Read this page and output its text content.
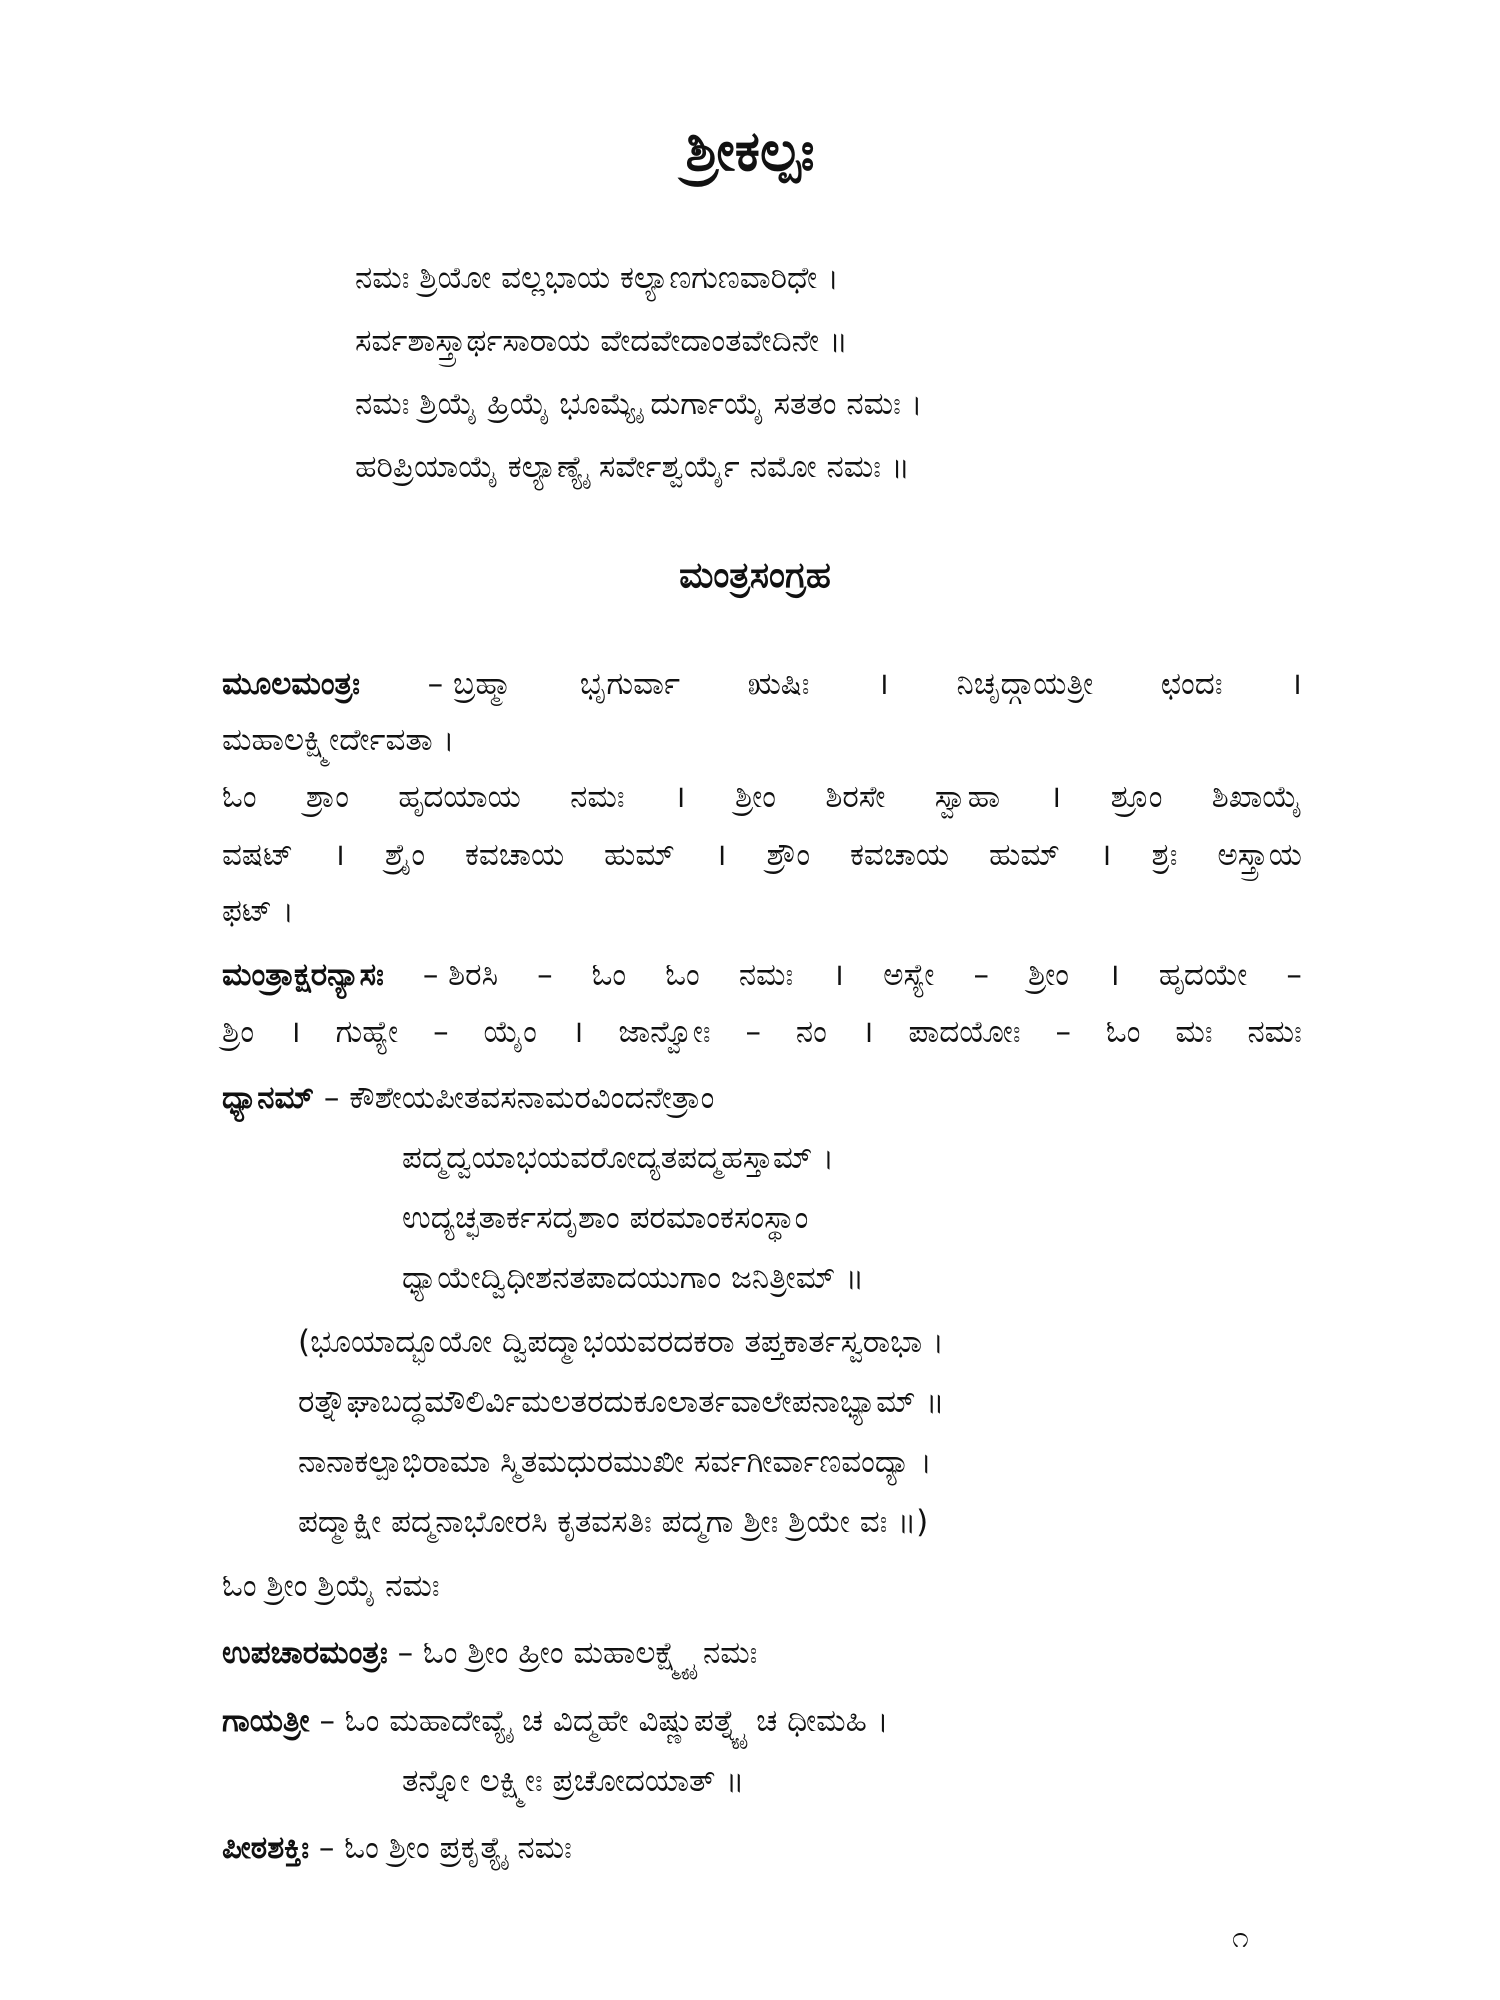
ಶ್ರೀಕಲ್ಪಃ
ನಮಃ ಶ್ರಿಯೋ ವಲ್ಲಭಾಯ ಕಲ್ಯಾಣಗುಣವಾರಿಧೇ ।
ಸರ್ವಶಾಸ್ತ್ರಾರ್ಥಸಾರಾಯ ವೇದವೇದಾಂತವೇದಿನೇ ॥
ನಮಃ ಶ್ರಿಯೈ ಹ್ರಿಯೈ ಭೂಮ್ಯೈ ದುರ್ಗಾಯೈ ಸತತಂ ನಮಃ ।
ಹರಿಪ್ರಿಯಾಯೈ ಕಲ್ಯಾಣ್ಯೈ ಸರ್ವೇಶ್ವರ್ಯೈ ನಮೋ ನಮಃ ॥
ಮಂತ್ರಸಂಗ್ರಹ
ಮೂಲಮಂತ್ರಃ – ಬ್ರಹ್ಮಾ ಭೃಗುರ್ವಾ ಋಷಿಃ । ನಿಚೃದ್ಗಾಯತ್ರೀ ಛಂದಃ ।
ಮಹಾಲಕ್ಷ್ಮೀರ್ದೇವತಾ ।
ಓಂ ಶ್ರಾಂ ಹೃದಯಾಯ ನಮಃ । ಶ್ರೀಂ ಶಿರಸೇ ಸ್ವಾಹಾ । ಶ್ರೂಂ ಶಿಖಾಯೈ
ವಷಟ್ । ಶ್ರೈಂ ಕವಚಾಯ ಹುಮ್ । ಶ್ರೌಂ ಕವಚಾಯ ಹುಮ್ । ಶ್ರಃ ಅಸ್ತ್ರಾಯ
ಫಟ್ ।
ಮಂತ್ರಾಕ್ಷರನ್ಯಾಸಃ – ಶಿರಸಿ – ಓಂ ಓಂ ನಮಃ । ಅಸ್ಯೇ – ಶ್ರೀಂ । ಹೃದಯೇ –
ಶ್ರಿಂ । ಗುಹ್ಯೇ – ಯೈಂ । ಜಾನ್ವೋಃ – ನಂ । ಪಾದಯೋಃ – ಓಂ ಮಃ ನಮಃ
ಧ್ಯಾನಮ್ – ಕೌಶೇಯಪೀತವಸನಾಮರವಿಂದನೇತ್ರಾಂ
ಪದ್ಮದ್ವಯಾಭಯವರೋದ್ಯತಪದ್ಮಹಸ್ತಾಮ್ ।
ಉದ್ಯಚ್ಛತಾರ್ಕಸದೃಶಾಂ ಪರಮಾಂಕಸಂಸ್ಥಾಂ
ಧ್ಯಾಯೇದ್ವಿಧೀಶನತಪಾದಯುಗಾಂ ಜನಿತ್ರೀಮ್ ॥
(ಭೂಯಾದ್ಭೂಯೋ ದ್ವಿಪದ್ಮಾಭಯವರದಕರಾ ತಪ್ತಕಾರ್ತಸ್ವರಾಭಾ ।
ರತ್ನೌಘಾಬದ್ಧಮೌಲಿರ್ವಿಮಲತರದುಕೂಲಾರ್ತವಾಲೇಪನಾಭ್ಯಾಮ್ ॥
ನಾನಾಕಲ್ಪಾಭಿರಾಮಾ ಸ್ಮಿತಮಧುರಮುಖೀ ಸರ್ವಗೀರ್ವಾಣವಂದ್ಯಾ ।
ಪದ್ಮಾಕ್ಷೀ ಪದ್ಮನಾಭೋರಸಿ ಕೃತವಸತಿಃ ಪದ್ಮಗಾ ಶ್ರೀಃ ಶ್ರಿಯೇ ವಃ ॥)
ಓಂ ಶ್ರೀಂ ಶ್ರಿಯೈ ನಮಃ
ಉಪಚಾರಮಂತ್ರಃ – ಓಂ ಶ್ರೀಂ ಹ್ರೀಂ ಮಹಾಲಕ್ಷ್ಮ್ಯೈ ನಮಃ
ಗಾಯತ್ರೀ – ಓಂ ಮಹಾದೇವ್ಯೈ ಚ ವಿದ್ಮಹೇ ವಿಷ್ಣುಪತ್ನ್ಯೈ ಚ ಧೀಮಹಿ ।
ತನ್ನೋ ಲಕ್ಷ್ಮೀಃ ಪ್ರಚೋದಯಾತ್ ॥
ಪೀಠಶಕ್ತಿಃ – ಓಂ ಶ್ರೀಂ ಪ್ರಕೃತ್ಯೈ ನಮಃ
೧
